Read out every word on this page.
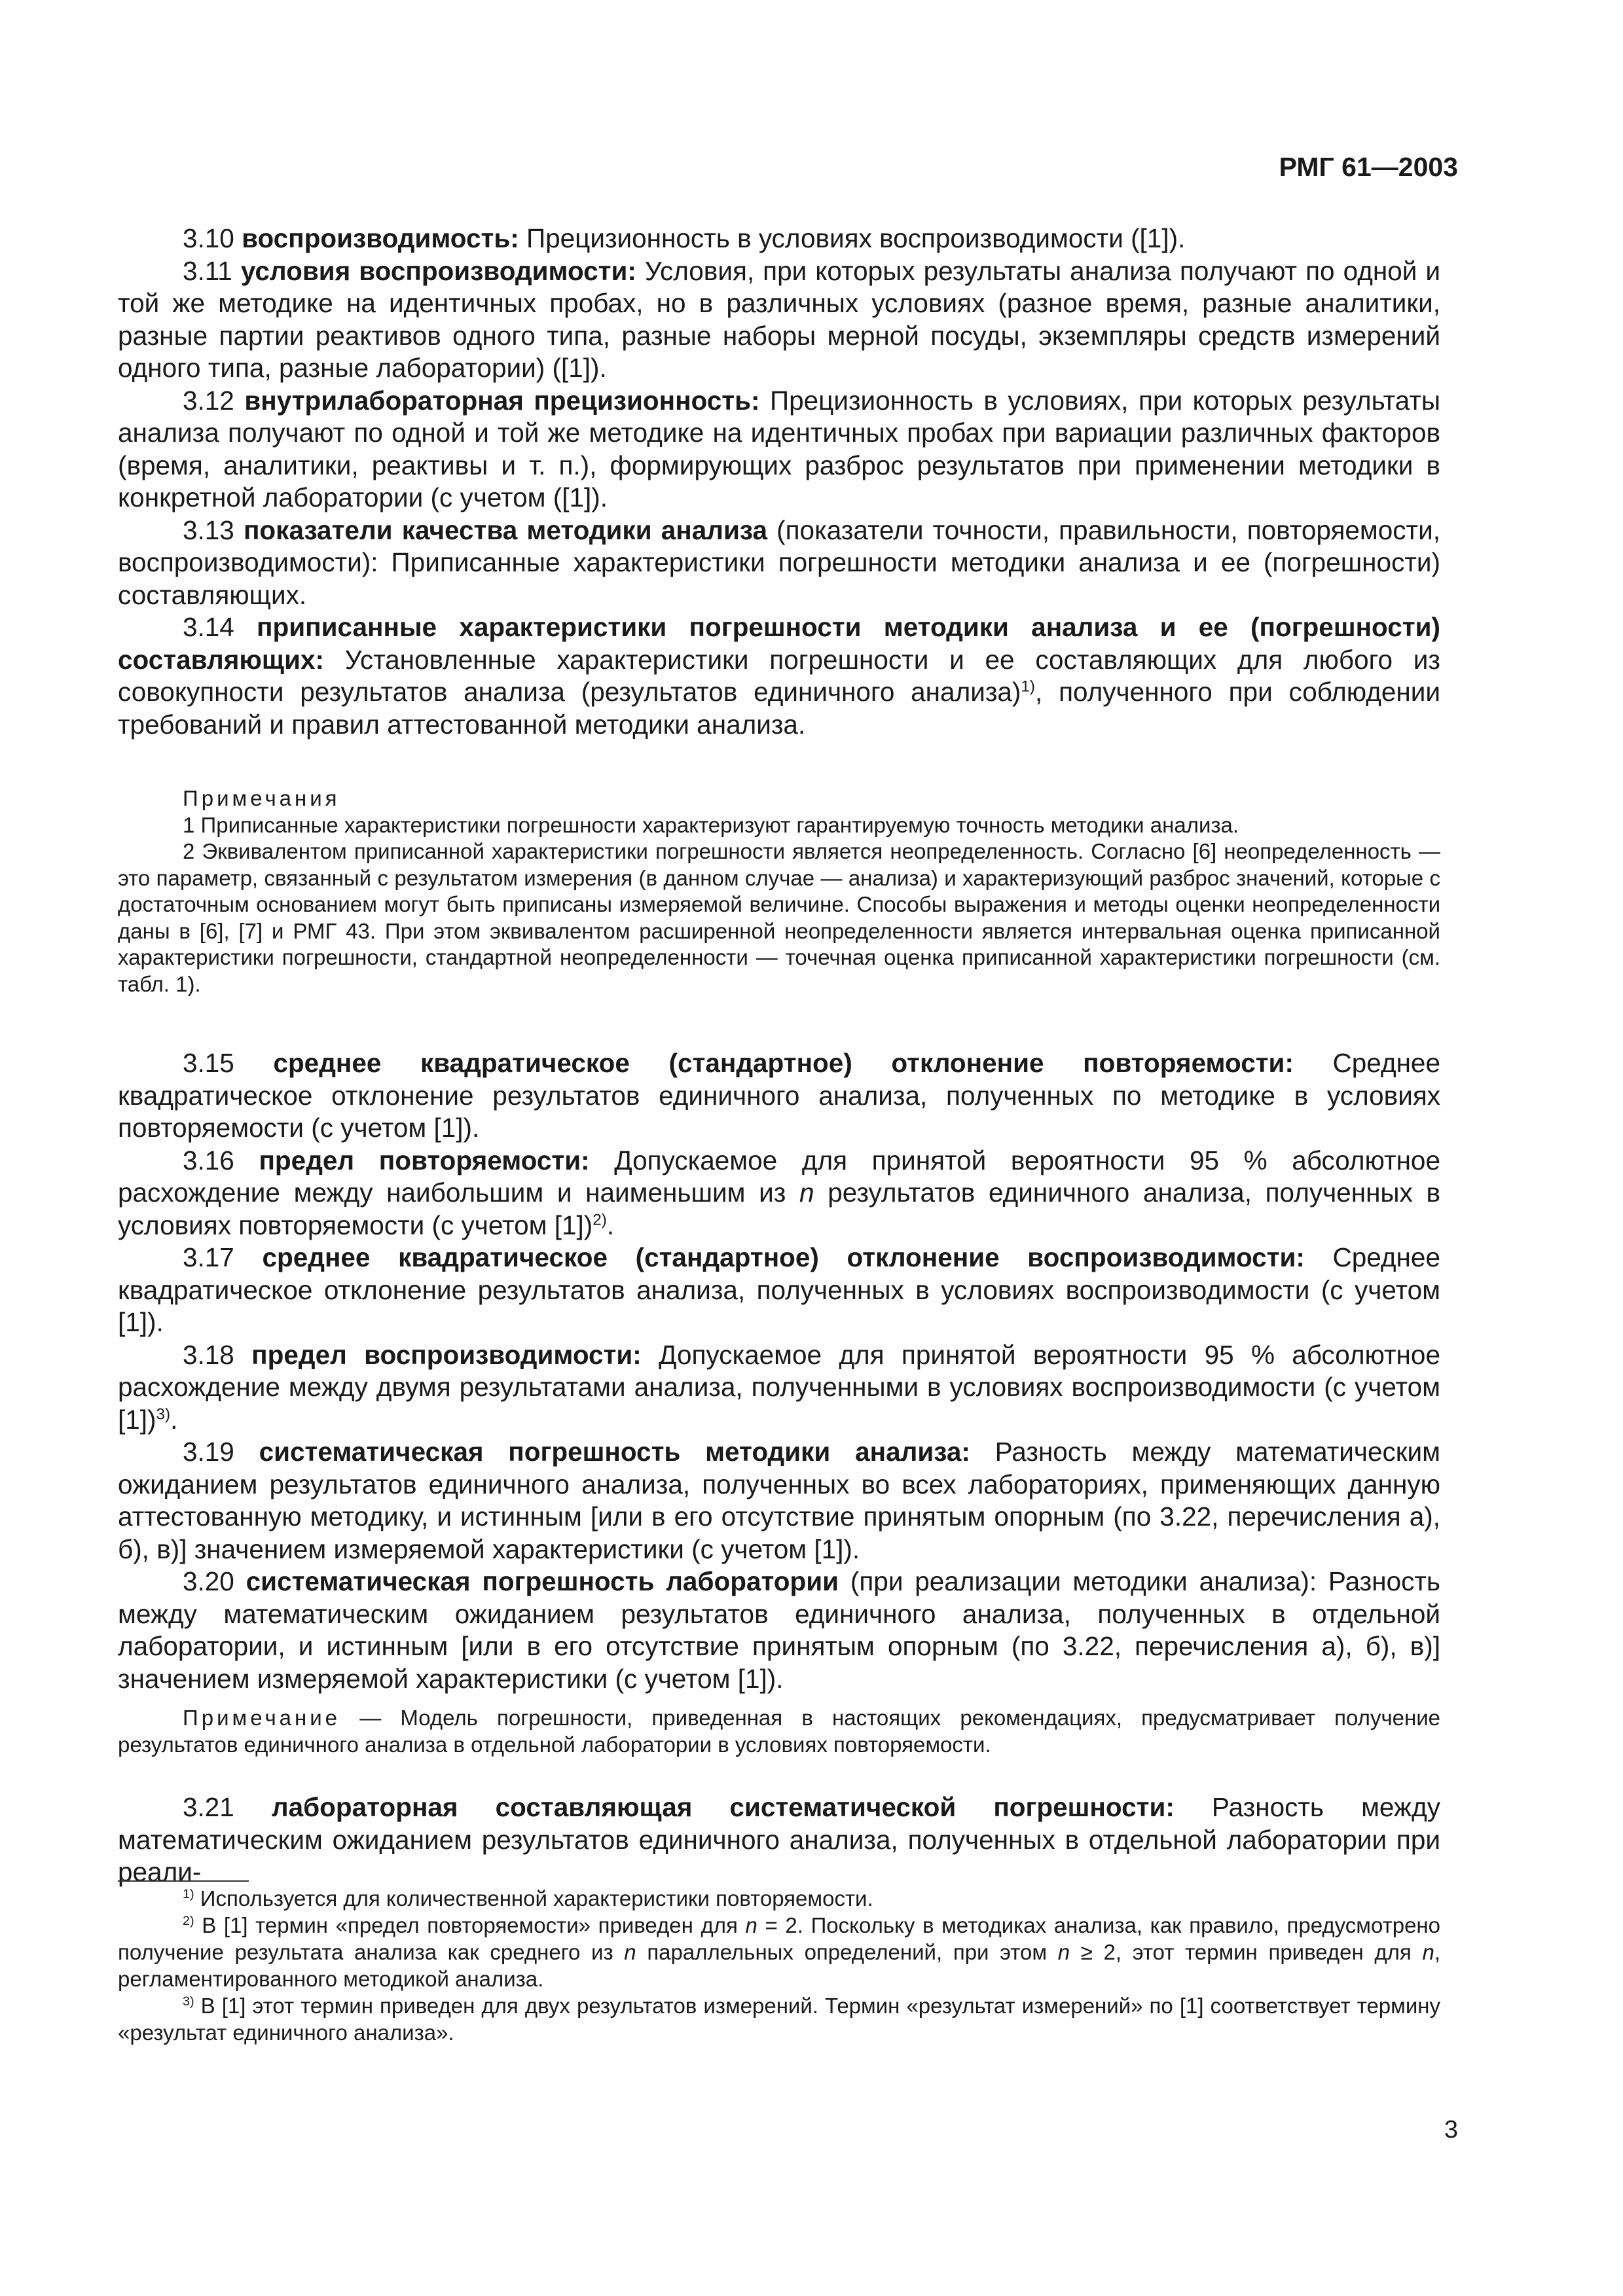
РМГ 61—2003

3.10 воспроизводимость: Прецизионность в условиях воспроизводимости ([1]).

3.11 условия воспроизводимости: Условия, при которых результаты анализа получают по одной и той же методике на идентичных пробах, но в различных условиях (разное время, разные аналитики, разные партии реактивов одного типа, разные наборы мерной посуды, экземпляры средств измерений одного типа, разные лаборатории) ([1]).

3.12 внутрилабораторная прецизионность: Прецизионность в условиях, при которых результаты анализа получают по одной и той же методике на идентичных пробах при вариации различных факторов (время, аналитики, реактивы и т. п.), формирующих разброс результатов при применении методики в конкретной лаборатории (с учетом ([1]).

3.13 показатели качества методики анализа (показатели точности, правильности, повторяемости, воспроизводимости): Приписанные характеристики погрешности методики анализа и ее (погрешности) составляющих.

3.14 приписанные характеристики погрешности методики анализа и ее (погрешности) составляющих: Установленные характеристики погрешности и ее составляющих для любого из совокупности результатов анализа (результатов единичного анализа)$^{1)}$, полученного при соблюдении требований и правил аттестованной методики анализа.

Примечания

1 Приписанные характеристики погрешности характеризуют гарантируемую точность методики анализа.

2 Эквивалентом приписанной характеристики погрешности является неопределенность. Согласно [6] неопределенность — это параметр, связанный с результатом измерения (в данном случае — анализа) и характеризующий разброс значений, которые с достаточным основанием могут быть приписаны измеряемой величине. Способы выражения и методы оценки неопределенности даны в [6], [7] и РМГ 43. При этом эквивалентом расширенной неопределенности является интервальная оценка приписанной характеристики погрешности, стандартной неопределенности — точечная оценка приписанной характеристики погрешности (см. табл. 1).

3.15 среднее квадратическое (стандартное) отклонение повторяемости: Среднее квадратическое отклонение результатов единичного анализа, полученных по методике в условиях повторяемости (с учетом [1]).

3.16 предел повторяемости: Допускаемое для принятой вероятности 95 % абсолютное расхождение между наибольшим и наименьшим из n результатов единичного анализа, полученных в условиях повторяемости (с учетом [1])$^{2)}$.

3.17 среднее квадратическое (стандартное) отклонение воспроизводимости: Среднее квадратическое отклонение результатов анализа, полученных в условиях воспроизводимости (с учетом [1]).

3.18 предел воспроизводимости: Допускаемое для принятой вероятности 95 % абсолютное расхождение между двумя результатами анализа, полученными в условиях воспроизводимости (с учетом [1])$^{3)}$.

3.19 систематическая погрешность методики анализа: Разность между математическим ожиданием результатов единичного анализа, полученных во всех лабораториях, применяющих данную аттестованную методику, и истинным [или в его отсутствие принятым опорным (по 3.22, перечисления а), б), в)] значением измеряемой характеристики (с учетом [1]).

3.20 систематическая погрешность лаборатории (при реализации методики анализа): Разность между математическим ожиданием результатов единичного анализа, полученных в отдельной лаборатории, и истинным [или в его отсутствие принятым опорным (по 3.22, перечисления а), б), в)] значением измеряемой характеристики (с учетом [1]).

Примечание — Модель погрешности, приведенная в настоящих рекомендациях, предусматривает получение результатов единичного анализа в отдельной лаборатории в условиях повторяемости.

3.21 лабораторная составляющая систематической погрешности: Разность между математическим ожиданием результатов единичного анализа, полученных в отдельной лаборатории при реали-

$^{1)}$ Используется для количественной характеристики повторяемости.

$^{2)}$ В [1] термин «предел повторяемости» приведен для n = 2. Поскольку в методиках анализа, как правило, предусмотрено получение результата анализа как среднего из n параллельных определений, при этом n ≥ 2, этот термин приведен для n, регламентированного методикой анализа.

$^{3)}$ В [1] этот термин приведен для двух результатов измерений. Термин «результат измерений» по [1] соответствует термину «результат единичного анализа».

3
